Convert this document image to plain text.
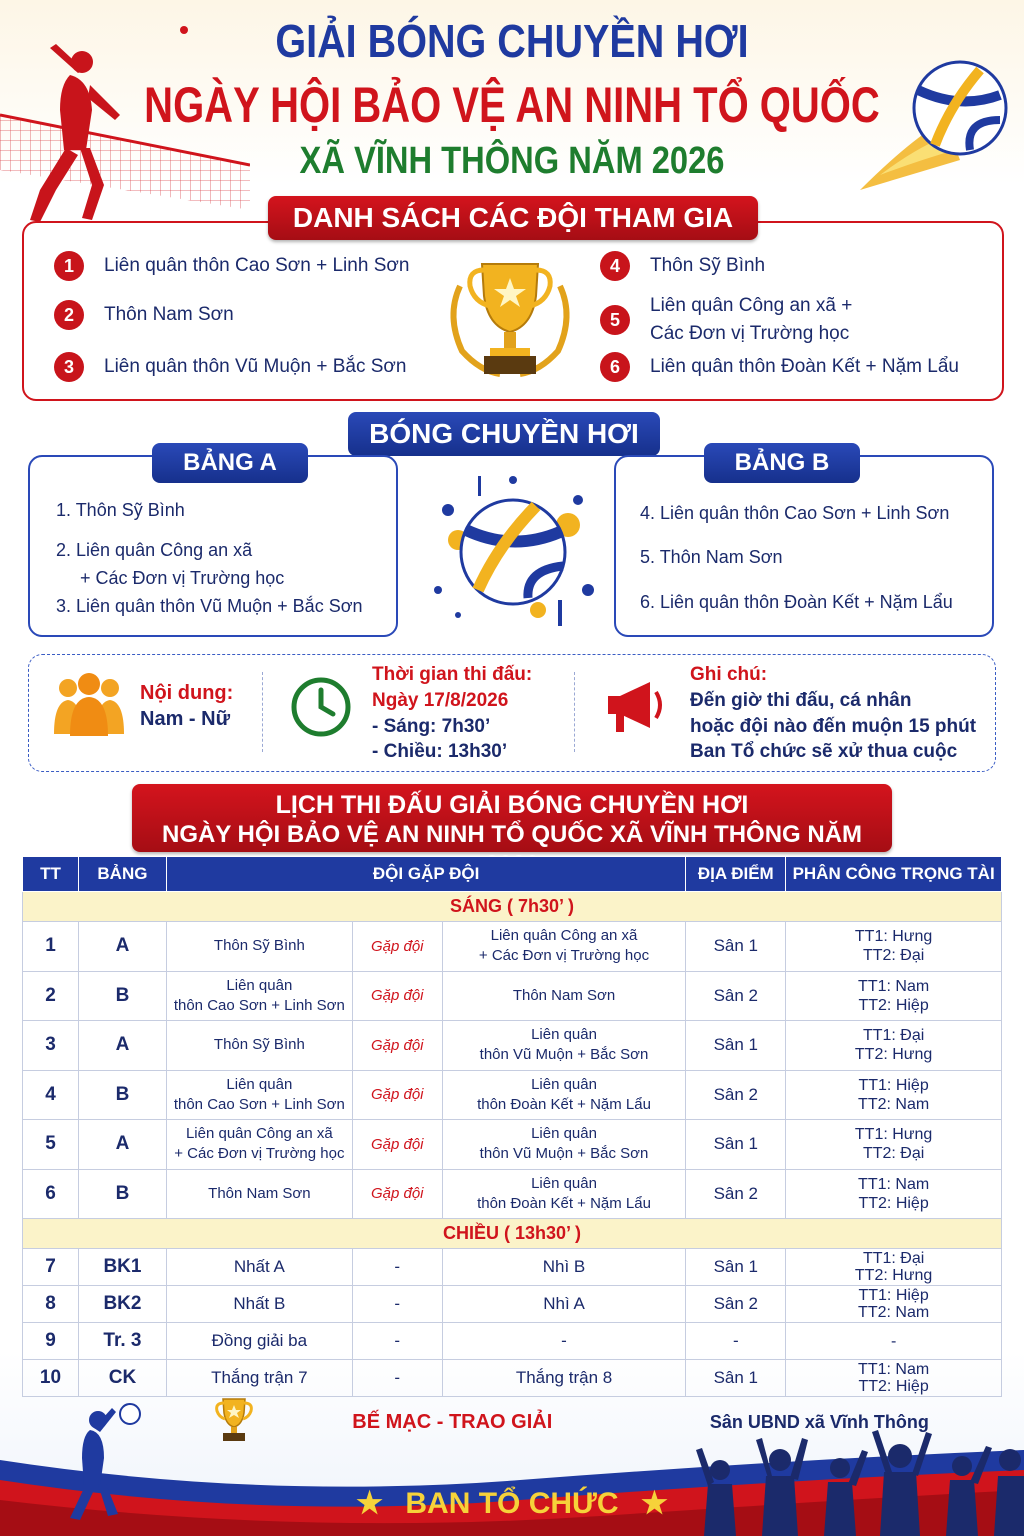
GIẢI BÓNG CHUYỀN HƠI
NGÀY HỘI BẢO VỆ AN NINH TỔ QUỐC
XÃ VĨNH THÔNG NĂM 2026
DANH SÁCH CÁC ĐỘI THAM GIA
1	Liên quân thôn Cao Sơn + Linh Sơn
2	Thôn Nam Sơn
3	Liên quân thôn Vũ Muộn + Bắc Sơn
4	Thôn Sỹ Bình
5
Liên quân Công an xã +
Các Đơn vị Trường học
6	Liên quân thôn Đoàn Kết + Nặm Lẩu
BÓNG CHUYỀN HƠI
BẢNG A
1. Thôn Sỹ Bình
2. Liên quân Công an xã
+ Các Đơn vị Trường học
3. Liên quân thôn Vũ Muộn + Bắc Sơn
BẢNG B
4. Liên quân thôn Cao Sơn + Linh Sơn
5. Thôn Nam Sơn
6. Liên quân thôn Đoàn Kết + Nặm Lẩu
Nội dung:
Nam - Nữ
Thời gian thi đấu:
Ngày 17/8/2026
- Sáng: 7h30’
- Chiều: 13h30’
Ghi chú:
Đến giờ thi đấu, cá nhân
hoặc đội nào đến muộn 15 phút
Ban Tổ chức sẽ xử thua cuộc
LỊCH THI ĐẤU GIẢI BÓNG CHUYỀN HƠI
NGÀY HỘI BẢO VỆ AN NINH TỔ QUỐC XÃ VĨNH THÔNG NĂM
TT	BẢNG	ĐỘI GẶP ĐỘI			ĐỊA ĐIỂM	PHÂN CÔNG TRỌNG TÀI
SÁNG ( 7h30’ )						
1	A	Thôn Sỹ Bình	Gặp đội	Liên quân Công an xã
+ Các Đơn vị Trường học	Sân 1	TT1: Hưng
TT2: Đại
2	B	Liên quân
thôn Cao Sơn + Linh Sơn	Gặp đội	Thôn Nam Sơn	Sân 2	TT1: Nam
TT2: Hiệp
3	A	Thôn Sỹ Bình	Gặp đội	Liên quân
thôn Vũ Muộn + Bắc Sơn	Sân 1	TT1: Đại
TT2: Hưng
4	B	Liên quân
thôn Cao Sơn + Linh Sơn	Gặp đội	Liên quân
thôn Đoàn Kết + Nặm Lẩu	Sân 2	TT1: Hiệp
TT2: Nam
5	A	Liên quân Công an xã
+ Các Đơn vị Trường học	Gặp đội	Liên quân
thôn Vũ Muộn + Bắc Sơn	Sân 1	TT1: Hưng
TT2: Đại
6	B	Thôn Nam Sơn	Gặp đội	Liên quân
thôn Đoàn Kết + Nặm Lẩu	Sân 2	TT1: Nam
TT2: Hiệp
CHIỀU ( 13h30’ )						
7	BK1	Nhất A	-	Nhì B	Sân 1	TT1: Đại
TT2: Hưng
8	BK2	Nhất B	-	Nhì A	Sân 2	TT1: Hiệp
TT2: Nam
9	Tr. 3	Đồng giải ba	-	-	-	-
10	CK	Thắng trận 7	-	Thắng trận 8	Sân 1	TT1: Nam
TT2: Hiệp
	BẾ MẠC - TRAO GIẢI		Sân UBND xã Vĩnh Thông	
★ BAN TỔ CHỨC ★
